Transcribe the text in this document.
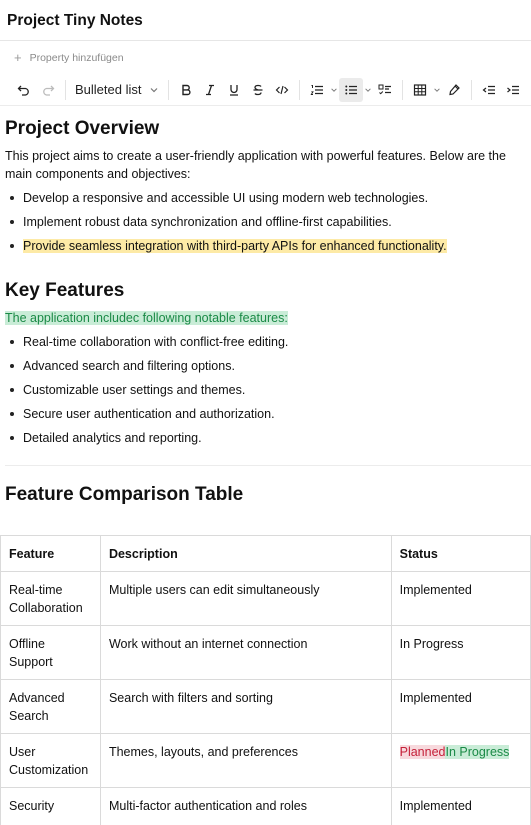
Project Tiny Notes
+ Property hinzufügen
Bulleted list
Project Overview

This project aims to create a user-friendly application with powerful features. Below are the main components and objectives:

Develop a responsive and accessible UI using modern web technologies.
Implement robust data synchronization and offline-first capabilities.
Provide seamless integration with third-party APIs for enhanced functionality.
Key Features

The application includec following notable features:

Real-time collaboration with conflict-free editing.
Advanced search and filtering options.
Customizable user settings and themes.
Secure user authentication and authorization.
Detailed analytics and reporting.
Feature Comparison Table
Feature	Description	Status
Real-time Collaboration	Multiple users can edit simultaneously	Implemented
Offline Support	Work without an internet connection	In Progress
Advanced Search	Search with filters and sorting	Implemented
User Customization	Themes, layouts, and preferences	PlannedIn Progress
Security	Multi-factor authentication and roles	Implemented
